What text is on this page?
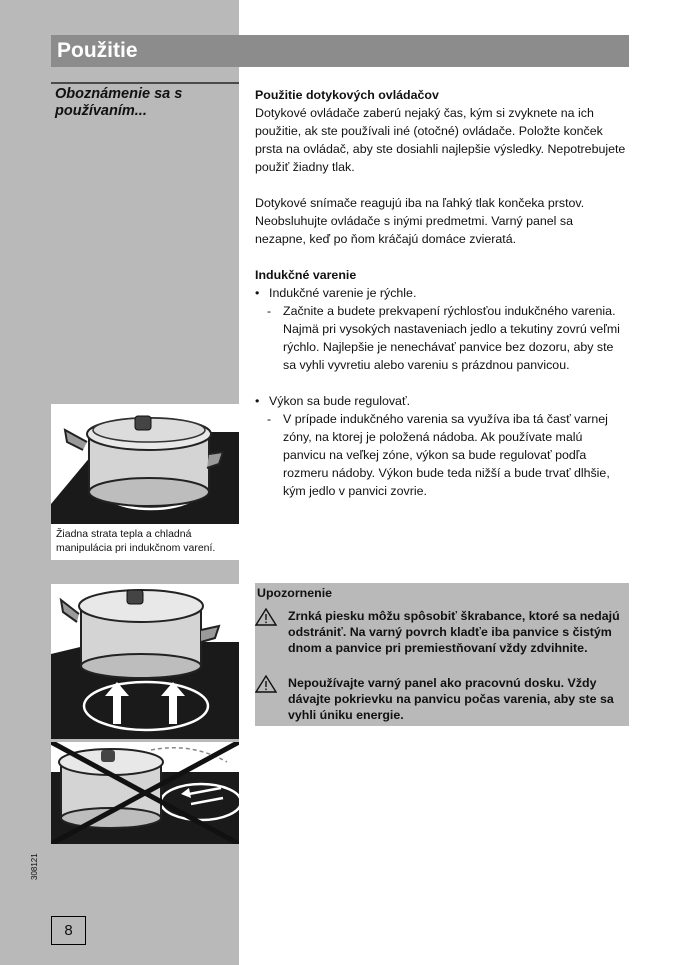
Použitie
Oboznámenie sa s používaním...

Použitie dotykových ovládačov

Dotykové ovládače zaberú nejaký čas, kým si zvyknete na ich použitie, ak ste používali iné (otočné) ovládače. Položte konček prsta na ovládač, aby ste dosiahli najlepšie výsledky. Nepotrebujete použiť žiadny tlak.

Dotykové snímače reagujú iba na ľahký tlak končeka prstov. Neobsluhujte ovládače s inými predmetmi. Varný panel sa nezapne, keď po ňom kráčajú domáce zvieratá.

Indukčné varenie

• Indukčné varenie je rýchle.
- Začnite a budete prekvapení rýchlosťou indukčného varenia. Najmä pri vysokých nastaveniach jedlo a tekutiny zovrú veľmi rýchlo. Najlepšie je nenechávať panvice bez dozoru, aby ste sa vyhli vyvretiu alebo vareniu s prázdnou panvicou.
• Výkon sa bude regulovať.
- V prípade indukčného varenia sa využíva iba tá časť varnej zóny, na ktorej je položená nádoba. Ak používate malú panvicu na veľkej zóne, výkon sa bude regulovať podľa rozmeru nádoby. Výkon bude teda nižší a bude trvať dlhšie, kým jedlo v panvici zovrie.
Žiadna strata tepla a chladná manipulácia pri indukčnom varení.
Upozornenie
Zrnká piesku môžu spôsobiť škrabance, ktoré sa nedajú odstrániť. Na varný povrch kladťe iba panvice s čistým dnom a panvice pri premiestňovaní vždy zdvihnite.
Nepoužívajte varný panel ako pracovnú dosku. Vždy dávajte pokrievku na panvicu počas varenia, aby ste sa vyhli úniku energie.
308121
8
